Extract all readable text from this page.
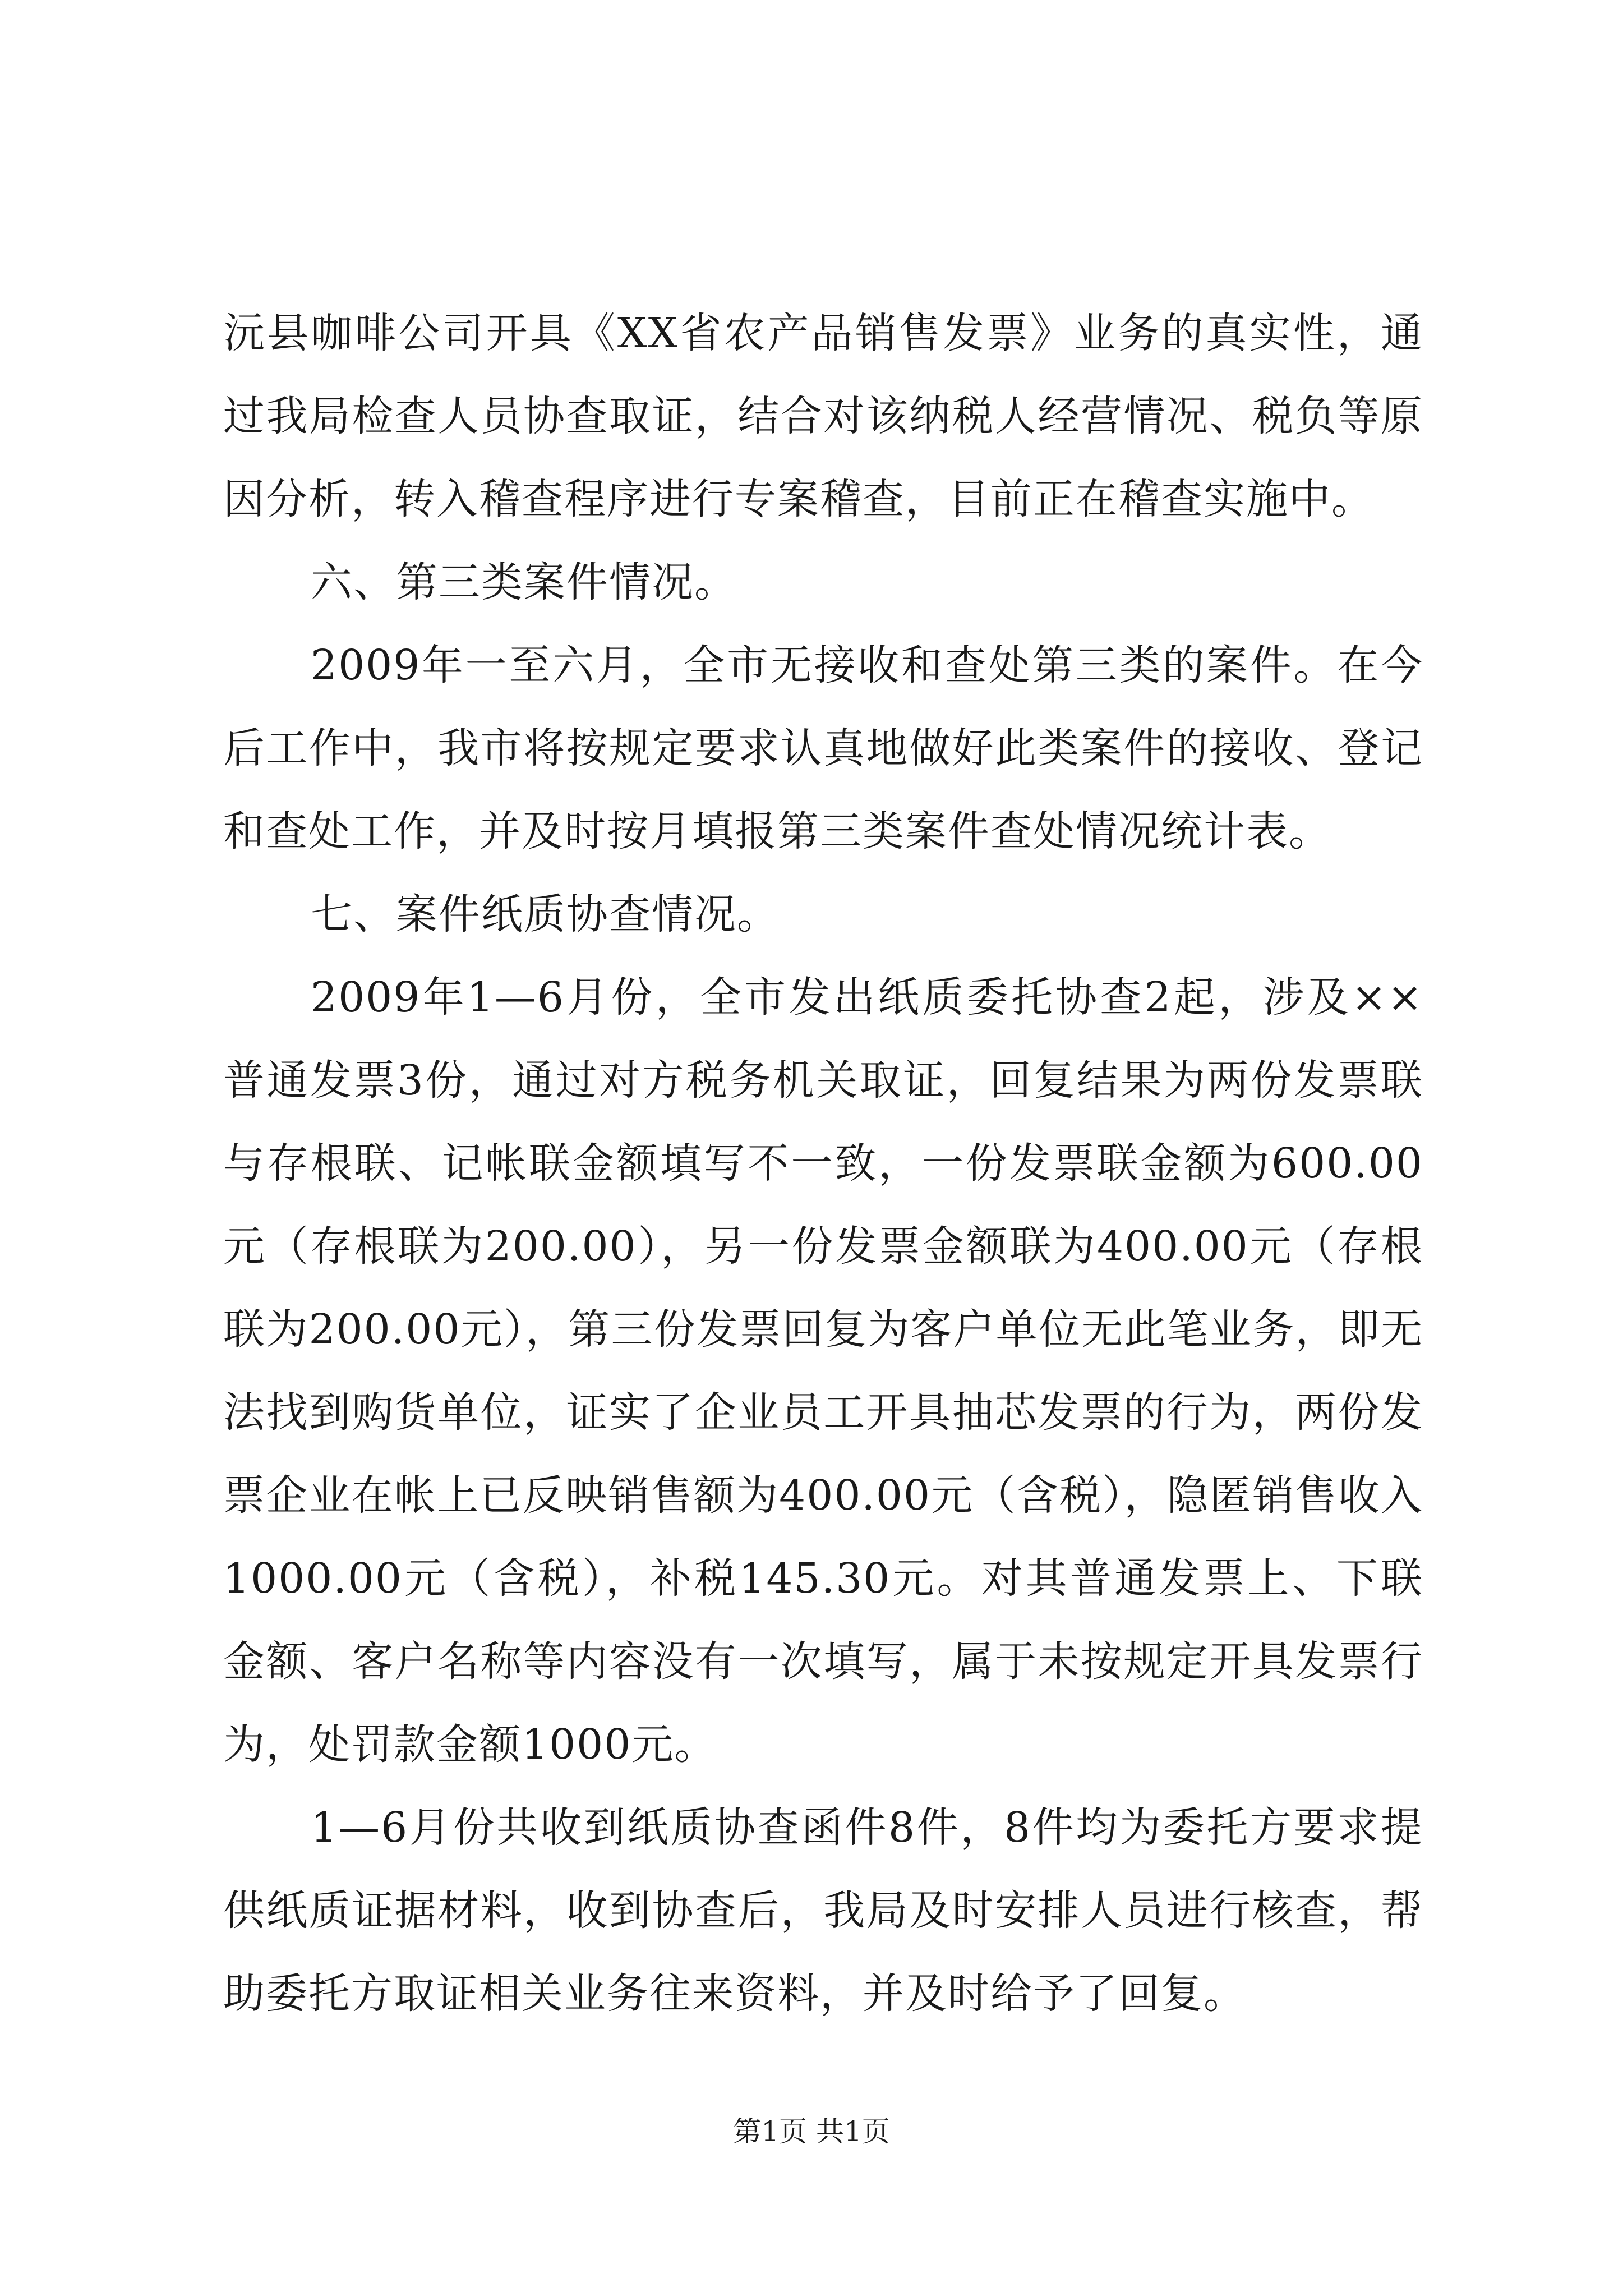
沅县咖啡公司开具《XX省农产品销售发票》业务的真实性，通过我局检查人员协查取证，结合对该纳税人经营情况、税负等原因分析，转入稽查程序进行专案稽查，目前正在稽查实施中。

六、第三类案件情况。

2009年一至六月，全市无接收和查处第三类的案件。在今后工作中，我市将按规定要求认真地做好此类案件的接收、登记和查处工作，并及时按月填报第三类案件查处情况统计表。

七、案件纸质协查情况。

2009年1—6月份，全市发出纸质委托协查2起，涉及××普通发票3份，通过对方税务机关取证，回复结果为两份发票联与存根联、记帐联金额填写不一致，一份发票联金额为600.00元（存根联为200.00），另一份发票金额联为400.00元（存根联为200.00元），第三份发票回复为客户单位无此笔业务，即无法找到购货单位，证实了企业员工开具抽芯发票的行为，两份发票企业在帐上已反映销售额为400.00元（含税），隐匿销售收入1000.00元（含税），补税145.30元。对其普通发票上、下联金额、客户名称等内容没有一次填写，属于未按规定开具发票行为，处罚款金额1000元。

1—6月份共收到纸质协查函件8件，8件均为委托方要求提供纸质证据材料，收到协查后，我局及时安排人员进行核查，帮助委托方取证相关业务往来资料，并及时给予了回复。

第1页 共1页
